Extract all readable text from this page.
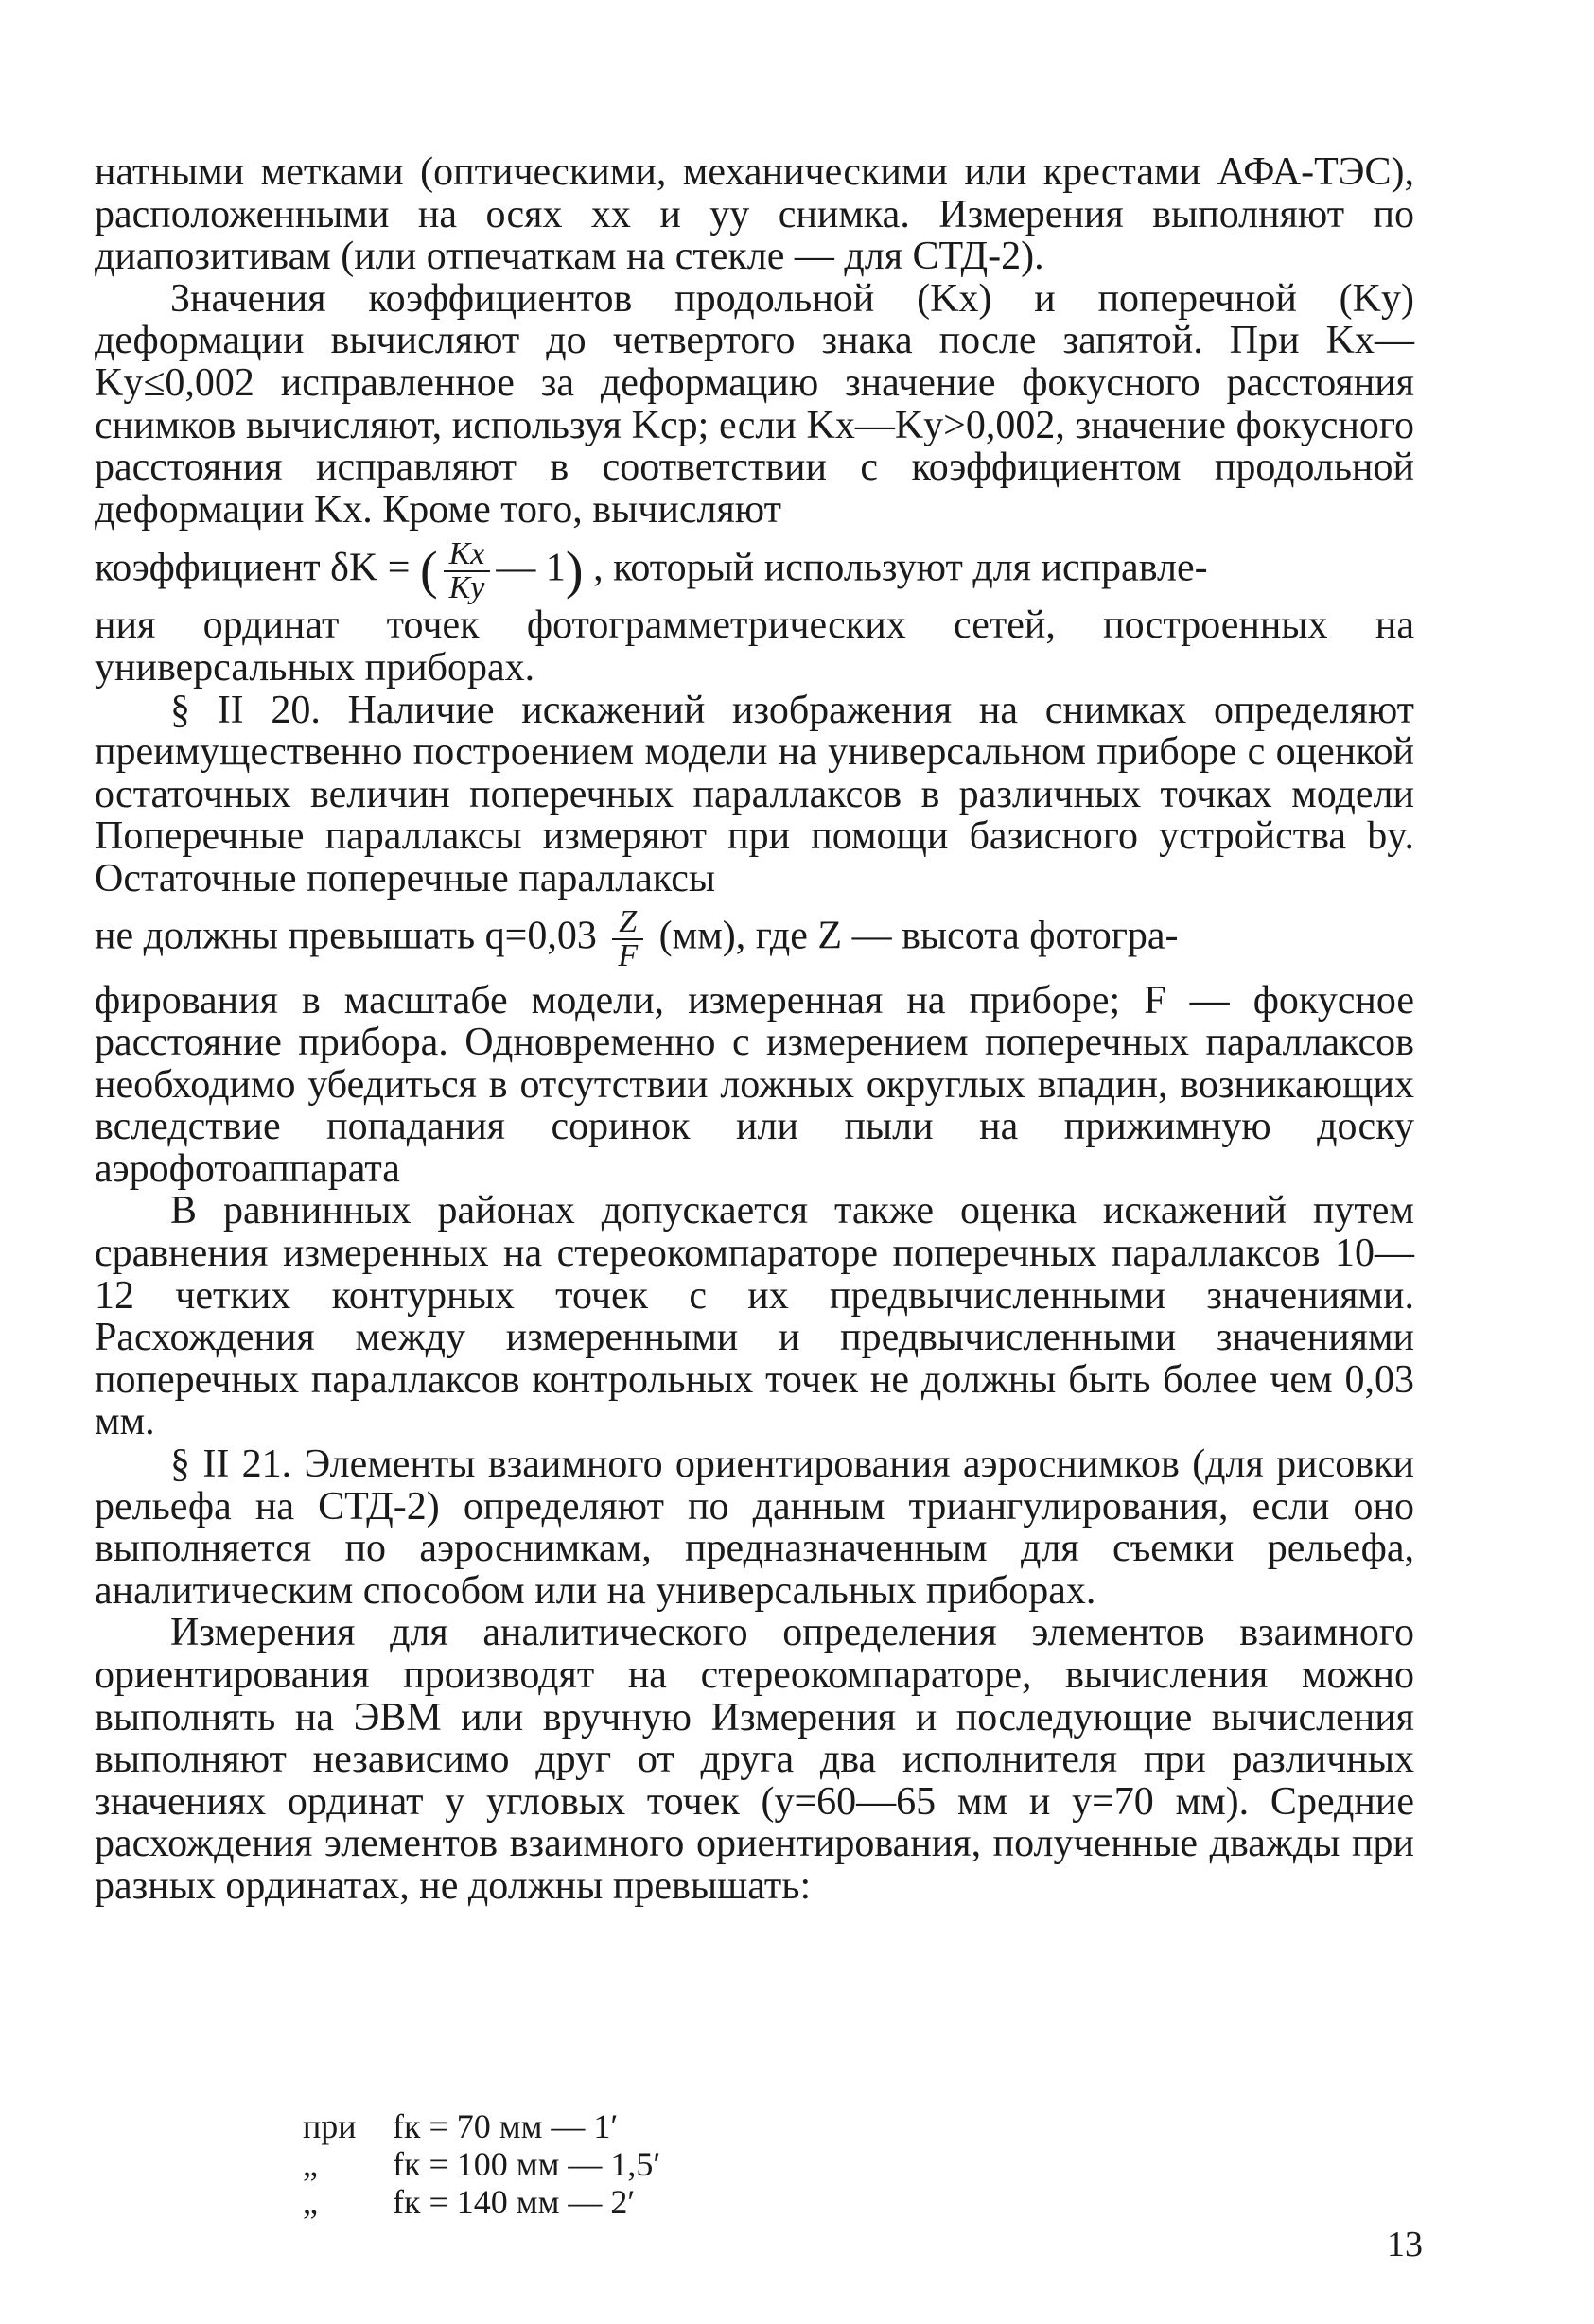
натными метками (оптическими, механическими или крестами АФА-ТЭС), расположенными на осях xx и yy снимка. Измерения выполняют по диапозитивам (или отпечаткам на стекле — для СТД-2).

Значения коэффициентов продольной (Kx) и поперечной (Ky) деформации вычисляют до четвертого знака после запятой. При Kx—Ky≤0,002 исправленное за деформацию значение фокусного расстояния снимков вычисляют, используя Kср; если Kx—Ky>0,002, значение фокусного расстояния исправляют в соответствии с коэффициентом продольной деформации Kx. Кроме того, вычисляют

коэффициент δK = ( $\frac{Kx}{Ky}$ — 1) , который используют для исправле-

ния ординат точек фотограмметрических сетей, построенных на универсальных приборах.

§ II 20. Наличие искажений изображения на снимках определяют преимущественно построением модели на универсальном приборе с оценкой остаточных величин поперечных параллаксов в различных точках модели Поперечные параллаксы измеряют при помощи базисного устройства by. Остаточные поперечные параллаксы

не должны превышать $q=0,03 \frac{Z}{F} (мм)$, где Z — высота фотогра-

фирования в масштабе модели, измеренная на приборе; F — фокусное расстояние прибора. Одновременно с измерением поперечных параллаксов необходимо убедиться в отсутствии ложных округлых впадин, возникающих вследствие попадания соринок или пыли на прижимную доску аэрофотоаппарата

В равнинных районах допускается также оценка искажений путем сравнения измеренных на стереокомпараторе поперечных параллаксов 10—12 четких контурных точек с их предвычисленными значениями. Расхождения между измеренными и предвычисленными значениями поперечных параллаксов контрольных точек не должны быть более чем 0,03 мм.

§ II 21. Элементы взаимного ориентирования аэроснимков (для рисовки рельефа на СТД-2) определяют по данным триангулирования, если оно выполняется по аэроснимкам, предназначенным для съемки рельефа, аналитическим способом или на универсальных приборах.

Измерения для аналитического определения элементов взаимного ориентирования производят на стереокомпараторе, вычисления можно выполнять на ЭВМ или вручную Измерения и последующие вычисления выполняют независимо друг от друга два исполнителя при различных значениях ординат y угловых точек (y=60—65 мм и y=70 мм). Средние расхождения элементов взаимного ориентирования, полученные дважды при разных ординатах, не должны превышать:

при fк = 70 мм — 1′
„ fк = 100 мм — 1,5′
„ fк = 140 мм — 2′
13
